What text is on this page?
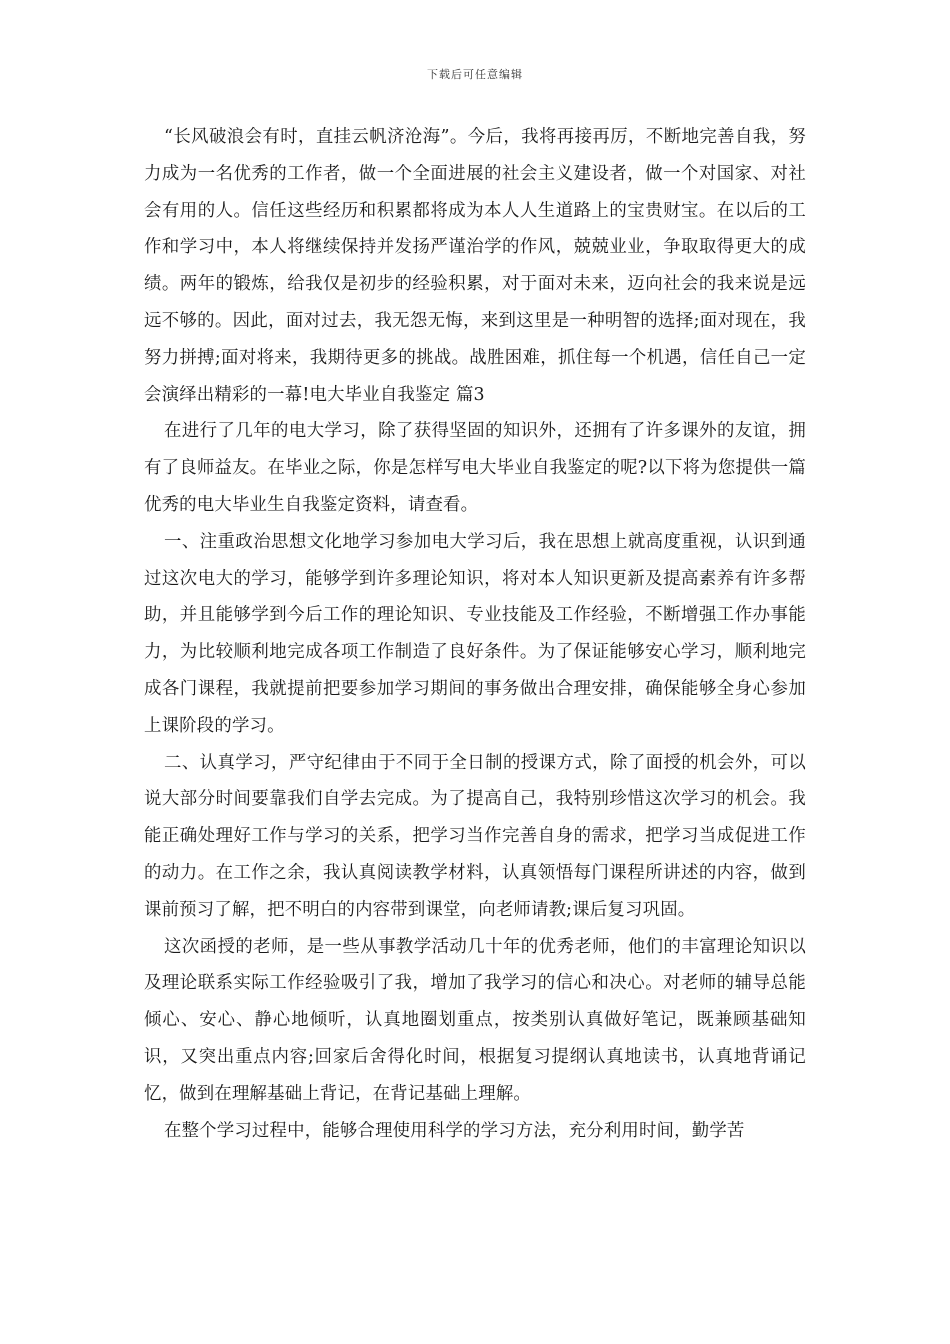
下载后可任意编辑

“长风破浪会有时，直挂云帆济沧海”。今后，我将再接再厉，不断地完善自我，努力成为一名优秀的工作者，做一个全面进展的社会主义建设者，做一个对国家、对社会有用的人。信任这些经历和积累都将成为本人人生道路上的宝贵财宝。在以后的工作和学习中，本人将继续保持并发扬严谨治学的作风，兢兢业业，争取取得更大的成绩。两年的锻炼，给我仅是初步的经验积累，对于面对未来，迈向社会的我来说是远远不够的。因此，面对过去，我无怨无悔，来到这里是一种明智的选择;面对现在，我努力拼搏;面对将来，我期待更多的挑战。战胜困难，抓住每一个机遇，信任自己一定会演绎出精彩的一幕!电大毕业自我鉴定 篇3

在进行了几年的电大学习，除了获得坚固的知识外，还拥有了许多课外的友谊，拥有了良师益友。在毕业之际，你是怎样写电大毕业自我鉴定的呢?以下将为您提供一篇优秀的电大毕业生自我鉴定资料，请查看。

一、注重政治思想文化地学习参加电大学习后，我在思想上就高度重视，认识到通过这次电大的学习，能够学到许多理论知识，将对本人知识更新及提高素养有许多帮助，并且能够学到今后工作的理论知识、专业技能及工作经验，不断增强工作办事能力，为比较顺利地完成各项工作制造了良好条件。为了保证能够安心学习，顺利地完成各门课程，我就提前把要参加学习期间的事务做出合理安排，确保能够全身心参加上课阶段的学习。

二、认真学习，严守纪律由于不同于全日制的授课方式，除了面授的机会外，可以说大部分时间要靠我们自学去完成。为了提高自己，我特别珍惜这次学习的机会。我能正确处理好工作与学习的关系，把学习当作完善自身的需求，把学习当成促进工作的动力。在工作之余，我认真阅读教学材料，认真领悟每门课程所讲述的内容，做到课前预习了解，把不明白的内容带到课堂，向老师请教;课后复习巩固。

这次函授的老师，是一些从事教学活动几十年的优秀老师，他们的丰富理论知识以及理论联系实际工作经验吸引了我，增加了我学习的信心和决心。对老师的辅导总能倾心、安心、静心地倾听，认真地圈划重点，按类别认真做好笔记，既兼顾基础知识，又突出重点内容;回家后舍得化时间，根据复习提纲认真地读书，认真地背诵记忆，做到在理解基础上背记，在背记基础上理解。

在整个学习过程中，能够合理使用科学的学习方法，充分利用时间，勤学苦
